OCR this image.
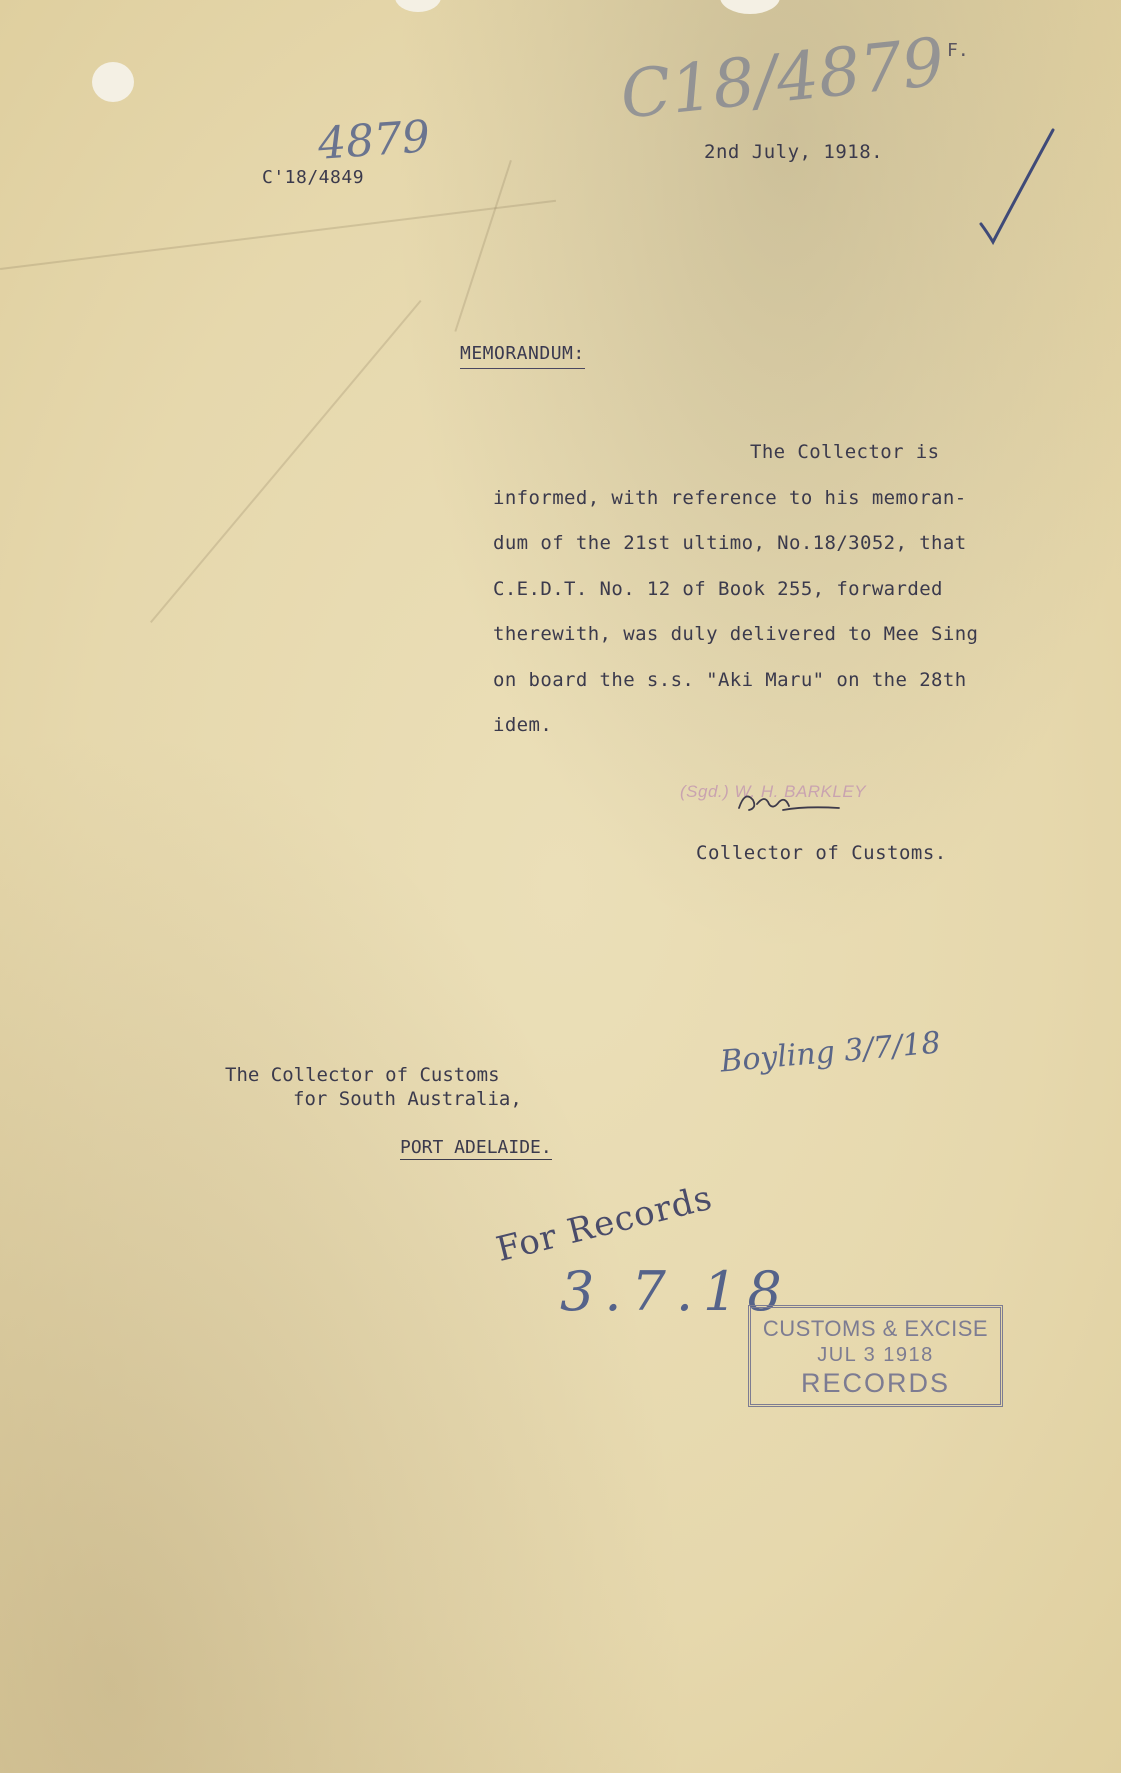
F.
C18/4879
C'18/4849
4879	2nd July, 1918.
MEMORANDUM:
The Collector is
informed, with reference to his memoran-
dum of the 21st ultimo, No.18/3052, that
C.E.D.T. No. 12 of Book 255, forwarded
therewith, was duly delivered to Mee Sing
on board the s.s. "Aki Maru" on the 28th
idem.
(Sgd.) W. H. BARKLEY
Collector of Customs.
The Collector of Customs
for South Australia,
PORT ADELAIDE.
Boyling 3/7/18
For Records
3.7.18
CUSTOMS & EXCISE
JUL 3 1918
RECORDS
